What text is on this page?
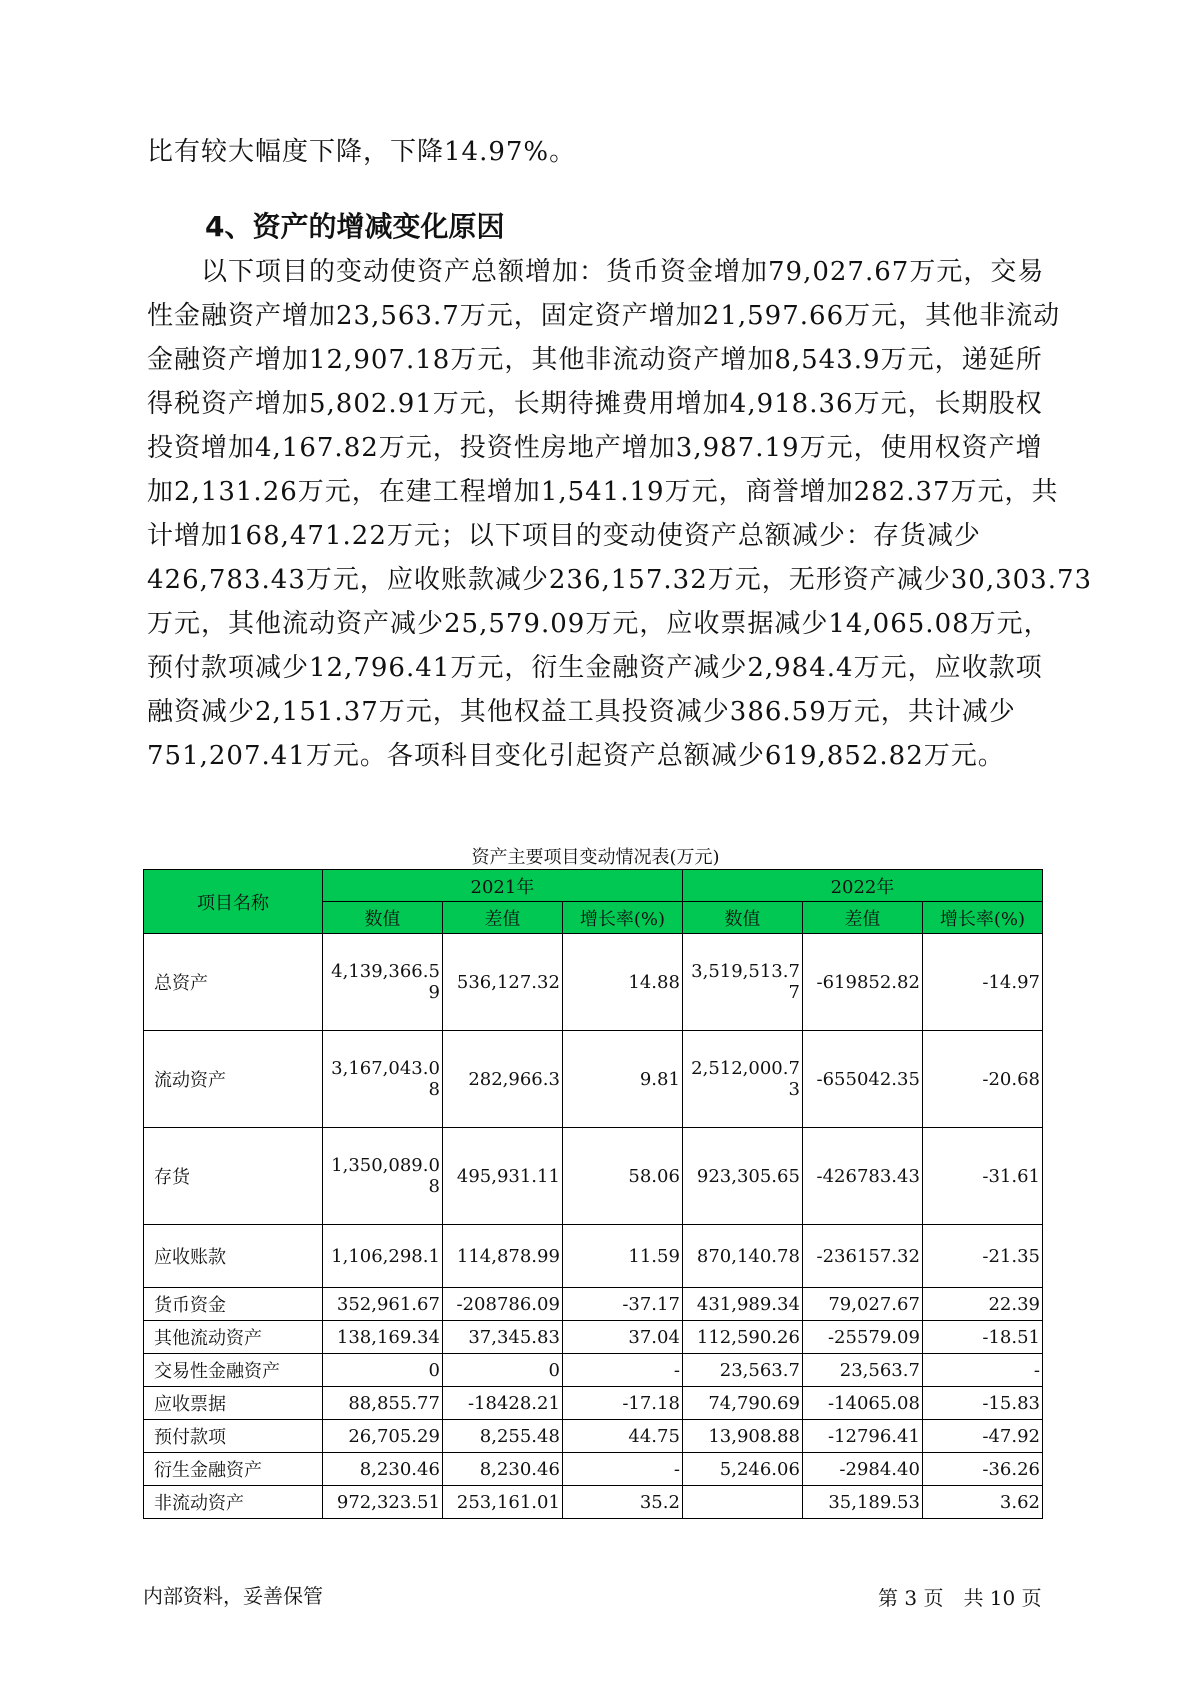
比有较大幅度下降，下降14.97%。
4、资产的增减变化原因
　　以下项目的变动使资产总额增加：货币资金增加79,027.67万元，交易
性金融资产增加23,563.7万元，固定资产增加21,597.66万元，其他非流动
金融资产增加12,907.18万元，其他非流动资产增加8,543.9万元，递延所
得税资产增加5,802.91万元，长期待摊费用增加4,918.36万元，长期股权
投资增加4,167.82万元，投资性房地产增加3,987.19万元，使用权资产增
加2,131.26万元，在建工程增加1,541.19万元，商誉增加282.37万元，共
计增加168,471.22万元；以下项目的变动使资产总额减少：存货减少
426,783.43万元，应收账款减少236,157.32万元，无形资产减少30,303.73
万元，其他流动资产减少25,579.09万元，应收票据减少14,065.08万元，
预付款项减少12,796.41万元，衍生金融资产减少2,984.4万元，应收款项
融资减少2,151.37万元，其他权益工具投资减少386.59万元，共计减少
751,207.41万元。各项科目变化引起资产总额减少619,852.82万元。
资产主要项目变动情况表(万元)
项目名称	2021年			2022年		
	数值	差值	增长率(%)	数值	差值	增长率(%)
总资产	4,139,366.59	536,127.32	14.88	3,519,513.77	-619852.82	-14.97
流动资产	3,167,043.08	282,966.3	9.81	2,512,000.73	-655042.35	-20.68
存货	1,350,089.08	495,931.11	58.06	923,305.65	-426783.43	-31.61
应收账款	1,106,298.1	114,878.99	11.59	870,140.78	-236157.32	-21.35
货币资金	352,961.67	-208786.09	-37.17	431,989.34	79,027.67	22.39
其他流动资产	138,169.34	37,345.83	37.04	112,590.26	-25579.09	-18.51
交易性金融资产	0	0	-	23,563.7	23,563.7	-
应收票据	88,855.77	-18428.21	-17.18	74,790.69	-14065.08	-15.83
预付款项	26,705.29	8,255.48	44.75	13,908.88	-12796.41	-47.92
衍生金融资产	8,230.46	8,230.46	-	5,246.06	-2984.40	-36.26
非流动资产	972,323.51	253,161.01	35.2		35,189.53	3.62
内部资料，妥善保管	第 3 页　共 10 页
